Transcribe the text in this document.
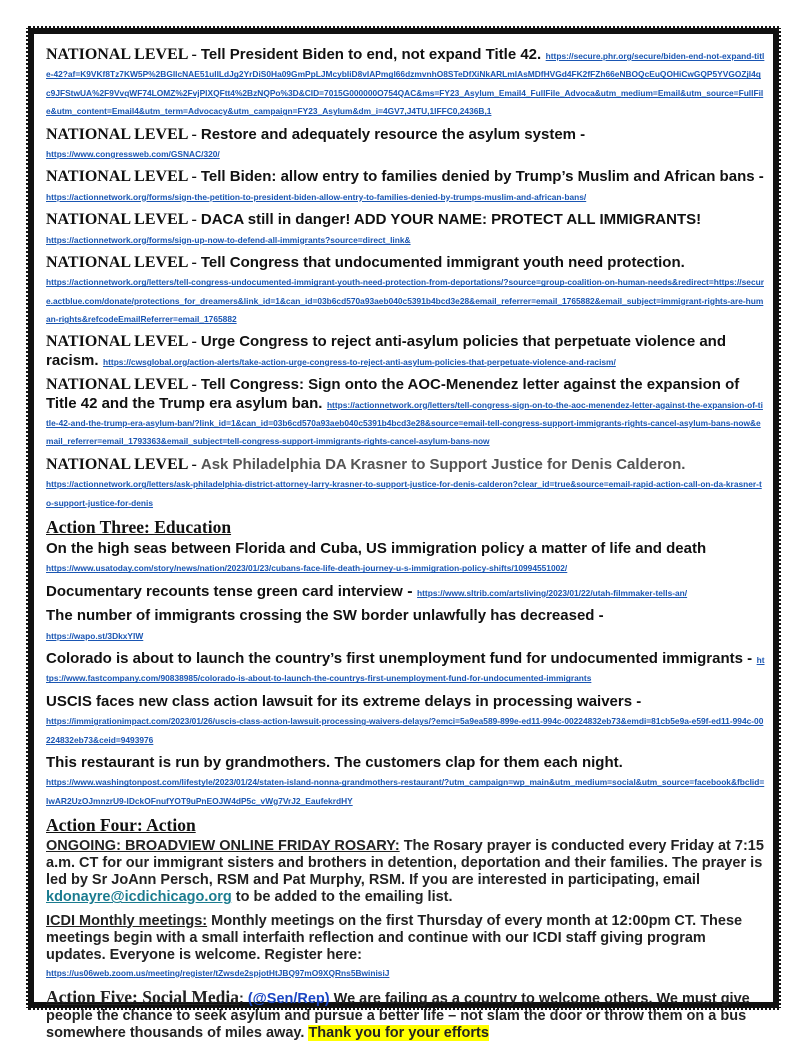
NATIONAL LEVEL - Tell President Biden to end, not expand Title 42. https://secure.phr.org/secure/biden-end-not-expand-title-42?af=K9VKf8Tz7KW5P%2BGIlcNAE51uIlLdJg2YrDiS0Ha09GmPpLJMcybIiD8vIAPmgl66dzmvnhO8STeDfXiNkARLmIAsMDfHVGd4FK2fFZh66eNBOQcEuQOHiCwGQP5YVGOZjl4qc9JFStwUA%2F9VvqWF74LOMZ%2FvjPlXQFtt4%2BzNQPo%3D&CID=7015G000000O754QAC&ms=FY23_Asylum_Email4_FullFile_Advoca&utm_medium=Email&utm_source=FullFile&utm_content=Email4&utm_term=Advocacy&utm_campaign=FY23_Asylum&dm_i=4GV7,J4TU,1IFFC0,2436B,1
NATIONAL LEVEL - Restore and adequately resource the asylum system -
https://www.congressweb.com/GSNAC/320/
NATIONAL LEVEL - Tell Biden: allow entry to families denied by Trump’s Muslim and African bans - https://actionnetwork.org/forms/sign-the-petition-to-president-biden-allow-entry-to-families-denied-by-trumps-muslim-and-african-bans/
NATIONAL LEVEL - DACA still in danger! ADD YOUR NAME: PROTECT ALL IMMIGRANTS!
https://actionnetwork.org/forms/sign-up-now-to-defend-all-immigrants?source=direct_link&
NATIONAL LEVEL - Tell Congress that undocumented immigrant youth need protection.
https://actionnetwork.org/letters/tell-congress-undocumented-immigrant-youth-need-protection-from-deportations/?source=group-coalition-on-human-needs&redirect=https://secure.actblue.com/donate/protections_for_dreamers&link_id=1&can_id=03b6cd570a93aeb040c5391b4bcd3e28&email_referrer=email_1765882&email_subject=immigrant-rights-are-human-rights&refcodeEmailReferrer=email_1765882
NATIONAL LEVEL - Urge Congress to reject anti-asylum policies that perpetuate violence and racism. https://cwsglobal.org/action-alerts/take-action-urge-congress-to-reject-anti-asylum-policies-that-perpetuate-violence-and-racism/
NATIONAL LEVEL - Tell Congress: Sign onto the AOC-Menendez letter against the expansion of Title 42 and the Trump era asylum ban. https://actionnetwork.org/letters/tell-congress-sign-on-to-the-aoc-menendez-letter-against-the-expansion-of-title-42-and-the-trump-era-asylum-ban/?link_id=1&can_id=03b6cd570a93aeb040c5391b4bcd3e28&source=email-tell-congress-support-immigrants-rights-cancel-asylum-bans-now&email_referrer=email_1793363&email_subject=tell-congress-support-immigrants-rights-cancel-asylum-bans-now
NATIONAL LEVEL - Ask Philadelphia DA Krasner to Support Justice for Denis Calderon.
https://actionnetwork.org/letters/ask-philadelphia-district-attorney-larry-krasner-to-support-justice-for-denis-calderon?clear_id=true&source=email-rapid-action-call-on-da-krasner-to-support-justice-for-denis
Action Three: Education
On the high seas between Florida and Cuba, US immigration policy a matter of life and death
https://www.usatoday.com/story/news/nation/2023/01/23/cubans-face-life-death-journey-u-s-immigration-policy-shifts/10994551002/
Documentary recounts tense green card interview - https://www.sltrib.com/artsliving/2023/01/22/utah-filmmaker-tells-an/
The number of immigrants crossing the SW border unlawfully has decreased -
https://wapo.st/3DkxYIW
Colorado is about to launch the country’s first unemployment fund for undocumented immigrants - https://www.fastcompany.com/90838985/colorado-is-about-to-launch-the-countrys-first-unemployment-fund-for-undocumented-immigrants
USCIS faces new class action lawsuit for its extreme delays in processing waivers -
https://immigrationimpact.com/2023/01/26/uscis-class-action-lawsuit-processing-waivers-delays/?emci=5a9ea589-899e-ed11-994c-00224832eb73&emdi=81cb5e9a-e59f-ed11-994c-00224832eb73&ceid=9493976
This restaurant is run by grandmothers. The customers clap for them each night.
https://www.washingtonpost.com/lifestyle/2023/01/24/staten-island-nonna-grandmothers-restaurant/?utm_campaign=wp_main&utm_medium=social&utm_source=facebook&fbclid=IwAR2UzOJmnzrU9-lDckOFnufYOT9uPnEOJW4dP5c_vWg7VrJ2_EaufekrdHY
Action Four: Action
ONGOING: BROADVIEW ONLINE FRIDAY ROSARY: The Rosary prayer is conducted every Friday at 7:15 a.m. CT for our immigrant sisters and brothers in detention, deportation and their families. The prayer is led by Sr JoAnn Persch, RSM and Pat Murphy, RSM. If you are interested in participating, email kdonayre@icdichicago.org to be added to the emailing list.
ICDI Monthly meetings: Monthly meetings on the first Thursday of every month at 12:00pm CT. These meetings begin with a small interfaith reflection and continue with our ICDI staff giving program updates. Everyone is welcome. Register here:
https://us06web.zoom.us/meeting/register/tZwsde2spjotHtJBQ97mO9XQRns5BwinisiJ
Action Five: Social Media: (@Sen/Rep) We are failing as a country to welcome others. We must give people the chance to seek asylum and pursue a better life – not slam the door or throw them on a bus somewhere thousands of miles away. Thank you for your efforts
